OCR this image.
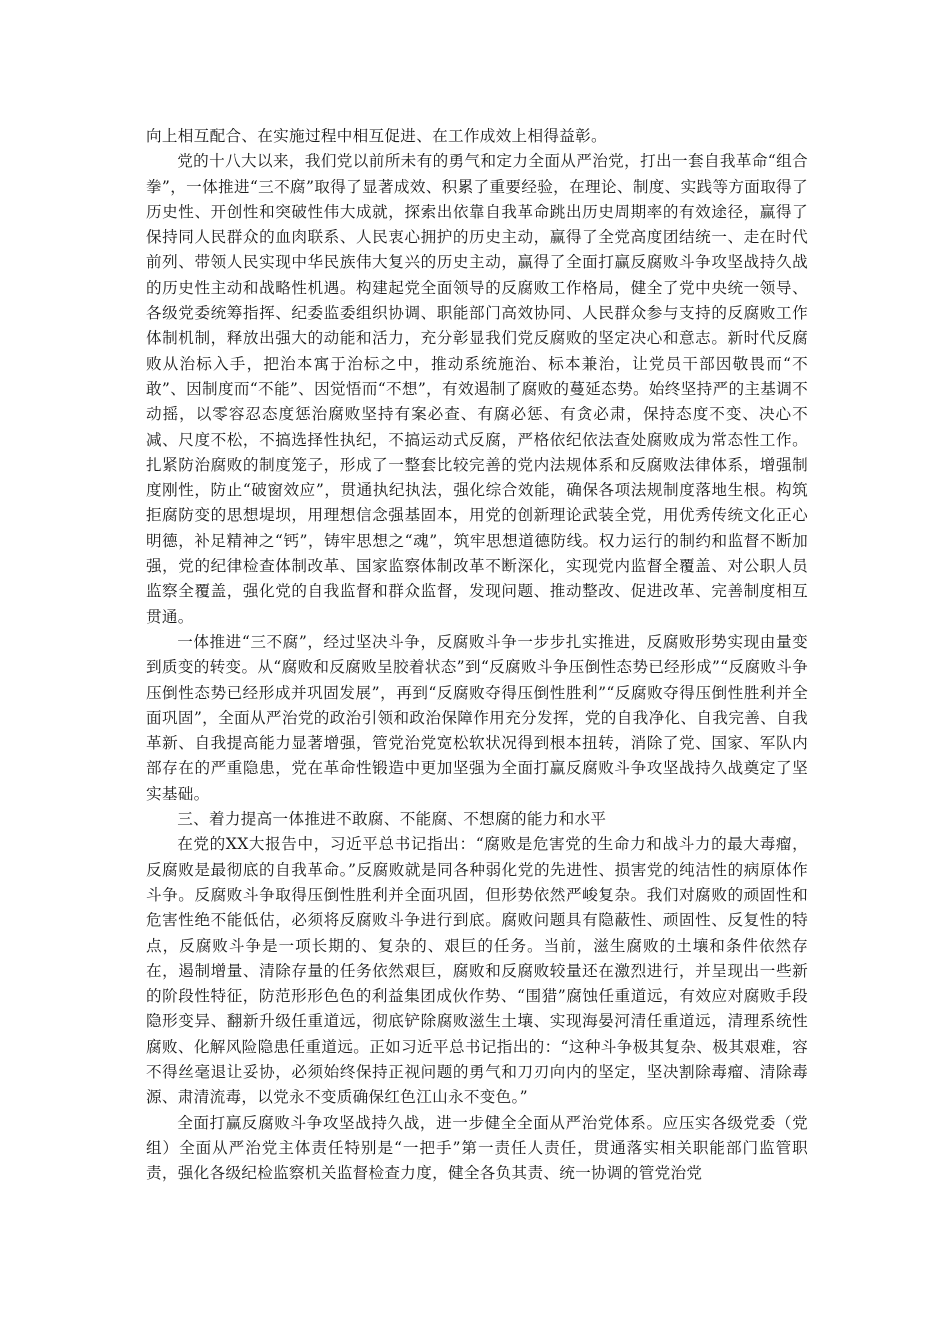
向上相互配合、在实施过程中相互促进、在工作成效上相得益彰。

党的十八大以来，我们党以前所未有的勇气和定力全面从严治党，打出一套自我革命“组合拳”，一体推进“三不腐”取得了显著成效、积累了重要经验，在理论、制度、实践等方面取得了历史性、开创性和突破性伟大成就，探索出依靠自我革命跳出历史周期率的有效途径，赢得了保持同人民群众的血肉联系、人民衷心拥护的历史主动，赢得了全党高度团结统一、走在时代前列、带领人民实现中华民族伟大复兴的历史主动，赢得了全面打赢反腐败斗争攻坚战持久战的历史性主动和战略性机遇。构建起党全面领导的反腐败工作格局，健全了党中央统一领导、各级党委统筹指挥、纪委监委组织协调、职能部门高效协同、人民群众参与支持的反腐败工作体制机制，释放出强大的动能和活力，充分彰显我们党反腐败的坚定决心和意志。新时代反腐败从治标入手，把治本寓于治标之中，推动系统施治、标本兼治，让党员干部因敬畏而“不敢”、因制度而“不能”、因觉悟而“不想”，有效遏制了腐败的蔓延态势。始终坚持严的主基调不动摇，以零容忍态度惩治腐败坚持有案必查、有腐必惩、有贪必肃，保持态度不变、决心不减、尺度不松，不搞选择性执纪，不搞运动式反腐，严格依纪依法查处腐败成为常态性工作。扎紧防治腐败的制度笼子，形成了一整套比较完善的党内法规体系和反腐败法律体系，增强制度刚性，防止“破窗效应”，贯通执纪执法，强化综合效能，确保各项法规制度落地生根。构筑拒腐防变的思想堤坝，用理想信念强基固本，用党的创新理论武装全党，用优秀传统文化正心明德，补足精神之“钙”，铸牢思想之“魂”，筑牢思想道德防线。权力运行的制约和监督不断加强，党的纪律检查体制改革、国家监察体制改革不断深化，实现党内监督全覆盖、对公职人员监察全覆盖，强化党的自我监督和群众监督，发现问题、推动整改、促进改革、完善制度相互贯通。

一体推进“三不腐”，经过坚决斗争，反腐败斗争一步步扎实推进，反腐败形势实现由量变到质变的转变。从“腐败和反腐败呈胶着状态”到“反腐败斗争压倒性态势已经形成”“反腐败斗争压倒性态势已经形成并巩固发展”，再到“反腐败夺得压倒性胜利”“反腐败夺得压倒性胜利并全面巩固”，全面从严治党的政治引领和政治保障作用充分发挥，党的自我净化、自我完善、自我革新、自我提高能力显著增强，管党治党宽松软状况得到根本扭转，消除了党、国家、军队内部存在的严重隐患，党在革命性锻造中更加坚强为全面打赢反腐败斗争攻坚战持久战奠定了坚实基础。

三、着力提高一体推进不敢腐、不能腐、不想腐的能力和水平

在党的XX大报告中，习近平总书记指出：“腐败是危害党的生命力和战斗力的最大毒瘤，反腐败是最彻底的自我革命。”反腐败就是同各种弱化党的先进性、损害党的纯洁性的病原体作斗争。反腐败斗争取得压倒性胜利并全面巩固，但形势依然严峻复杂。我们对腐败的顽固性和危害性绝不能低估，必须将反腐败斗争进行到底。腐败问题具有隐蔽性、顽固性、反复性的特点，反腐败斗争是一项长期的、复杂的、艰巨的任务。当前，滋生腐败的土壤和条件依然存在，遏制增量、清除存量的任务依然艰巨，腐败和反腐败较量还在激烈进行，并呈现出一些新的阶段性特征，防范形形色色的利益集团成伙作势、“围猎”腐蚀任重道远，有效应对腐败手段隐形变异、翻新升级任重道远，彻底铲除腐败滋生土壤、实现海晏河清任重道远，清理系统性腐败、化解风险隐患任重道远。正如习近平总书记指出的：“这种斗争极其复杂、极其艰难，容不得丝毫退让妥协，必须始终保持正视问题的勇气和刀刃向内的坚定，坚决割除毒瘤、清除毒源、肃清流毒，以党永不变质确保红色江山永不变色。”

全面打赢反腐败斗争攻坚战持久战，进一步健全全面从严治党体系。应压实各级党委（党组）全面从严治党主体责任特别是“一把手”第一责任人责任，贯通落实相关职能部门监管职责，强化各级纪检监察机关监督检查力度，健全各负其责、统一协调的管党治党
